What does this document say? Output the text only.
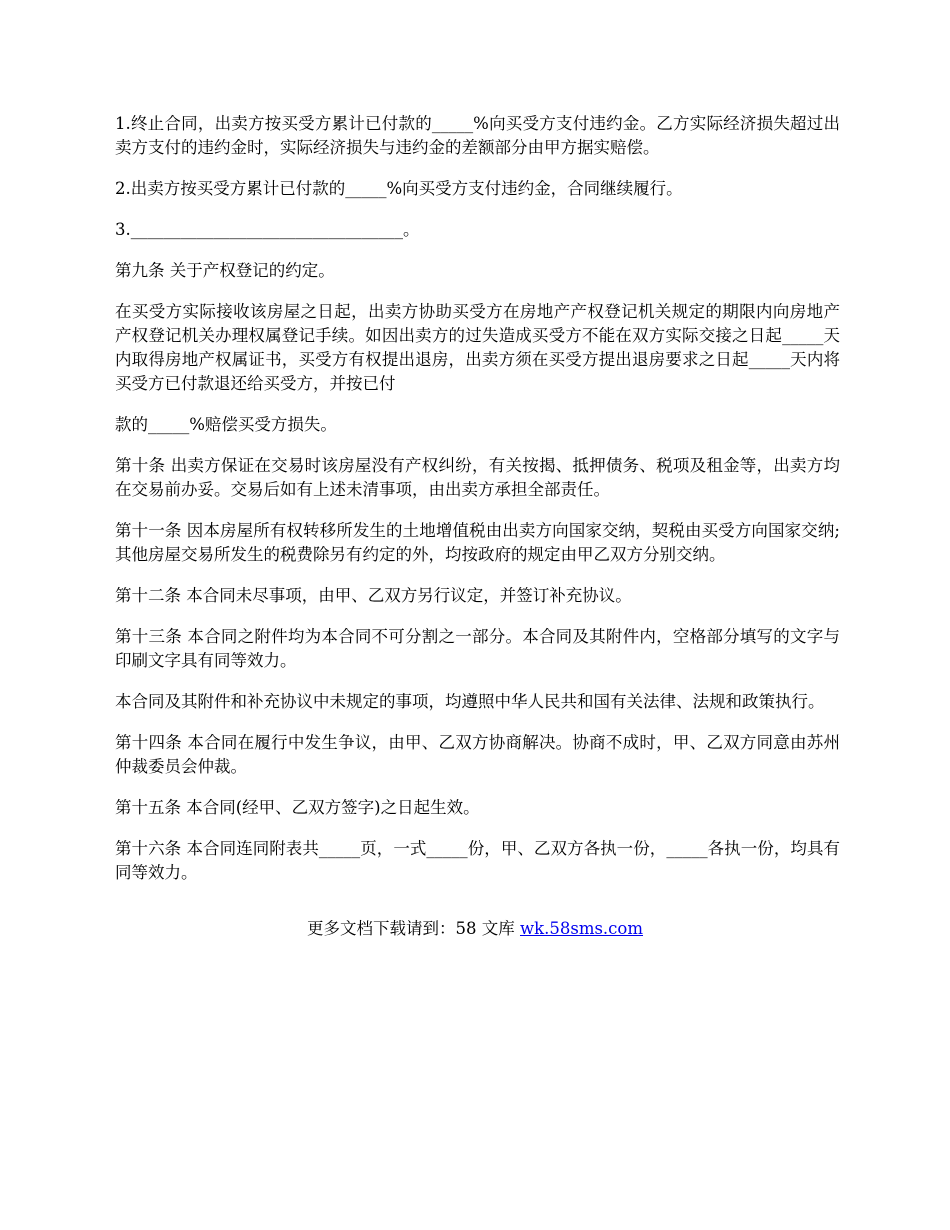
1.终止合同，出卖方按买受方累计已付款的_____%向买受方支付违约金。乙方实际经济损失超过出卖方支付的违约金时，实际经济损失与违约金的差额部分由甲方据实赔偿。

2.出卖方按买受方累计已付款的_____%向买受方支付违约金，合同继续履行。

3._________________________________。

第九条 关于产权登记的约定。

在买受方实际接收该房屋之日起，出卖方协助买受方在房地产产权登记机关规定的期限内向房地产产权登记机关办理权属登记手续。如因出卖方的过失造成买受方不能在双方实际交接之日起_____天内取得房地产权属证书，买受方有权提出退房，出卖方须在买受方提出退房要求之日起_____天内将买受方已付款退还给买受方，并按已付

款的_____%赔偿买受方损失。

第十条 出卖方保证在交易时该房屋没有产权纠纷，有关按揭、抵押债务、税项及租金等，出卖方均在交易前办妥。交易后如有上述未清事项，由出卖方承担全部责任。

第十一条 因本房屋所有权转移所发生的土地增值税由出卖方向国家交纳，契税由买受方向国家交纳;其他房屋交易所发生的税费除另有约定的外，均按政府的规定由甲乙双方分别交纳。

第十二条 本合同未尽事项，由甲、乙双方另行议定，并签订补充协议。

第十三条 本合同之附件均为本合同不可分割之一部分。本合同及其附件内，空格部分填写的文字与印刷文字具有同等效力。

本合同及其附件和补充协议中未规定的事项，均遵照中华人民共和国有关法律、法规和政策执行。

第十四条 本合同在履行中发生争议，由甲、乙双方协商解决。协商不成时，甲、乙双方同意由苏州仲裁委员会仲裁。

第十五条 本合同(经甲、乙双方签字)之日起生效。

第十六条 本合同连同附表共_____页，一式_____份，甲、乙双方各执一份，_____各执一份，均具有同等效力。

更多文档下载请到：58 文库 wk.58sms.com
